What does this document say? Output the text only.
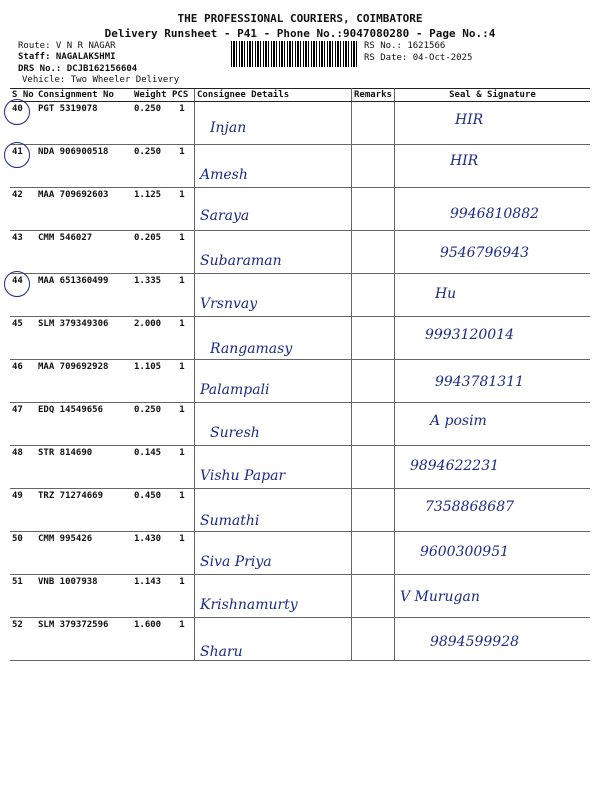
THE PROFESSIONAL COURIERS, COIMBATORE
Delivery Runsheet - P41 - Phone No.:9047080280 - Page No.:4
Route: V N R NAGAR
Staff: NAGALAKSHMI
DRS No.: DCJB162156604
Vehicle: Two Wheeler Delivery
RS No.: 1621566
RS Date: 04-Oct-2025
S No	Consignment No	Weight	PCS	Consignee Details	Remarks	Seal & Signature

40	PGT 5319078	0.250	1	Injan		HIR

41	NDA 906900518	0.250	1	Amesh		HIR

42	MAA 709692603	1.125	1	Saraya		9946810882

43	CMM 546027	0.205	1	Subaraman		9546796943

44	MAA 651360499	1.335	1	Vrsnvay		Hu

45	SLM 379349306	2.000	1	Rangamasy		9993120014

46	MAA 709692928	1.105	1	Palampali		9943781311

47	EDQ 14549656	0.250	1	Suresh		A posim

48	STR 814690	0.145	1	Vishu Papar		9894622231

49	TRZ 71274669	0.450	1	Sumathi		7358868687

50	CMM 995426	1.430	1	Siva Priya		9600300951

51	VNB 1007938	1.143	1	Krishnamurty		V Murugan

52	SLM 379372596	1.600	1	Sharu		9894599928
